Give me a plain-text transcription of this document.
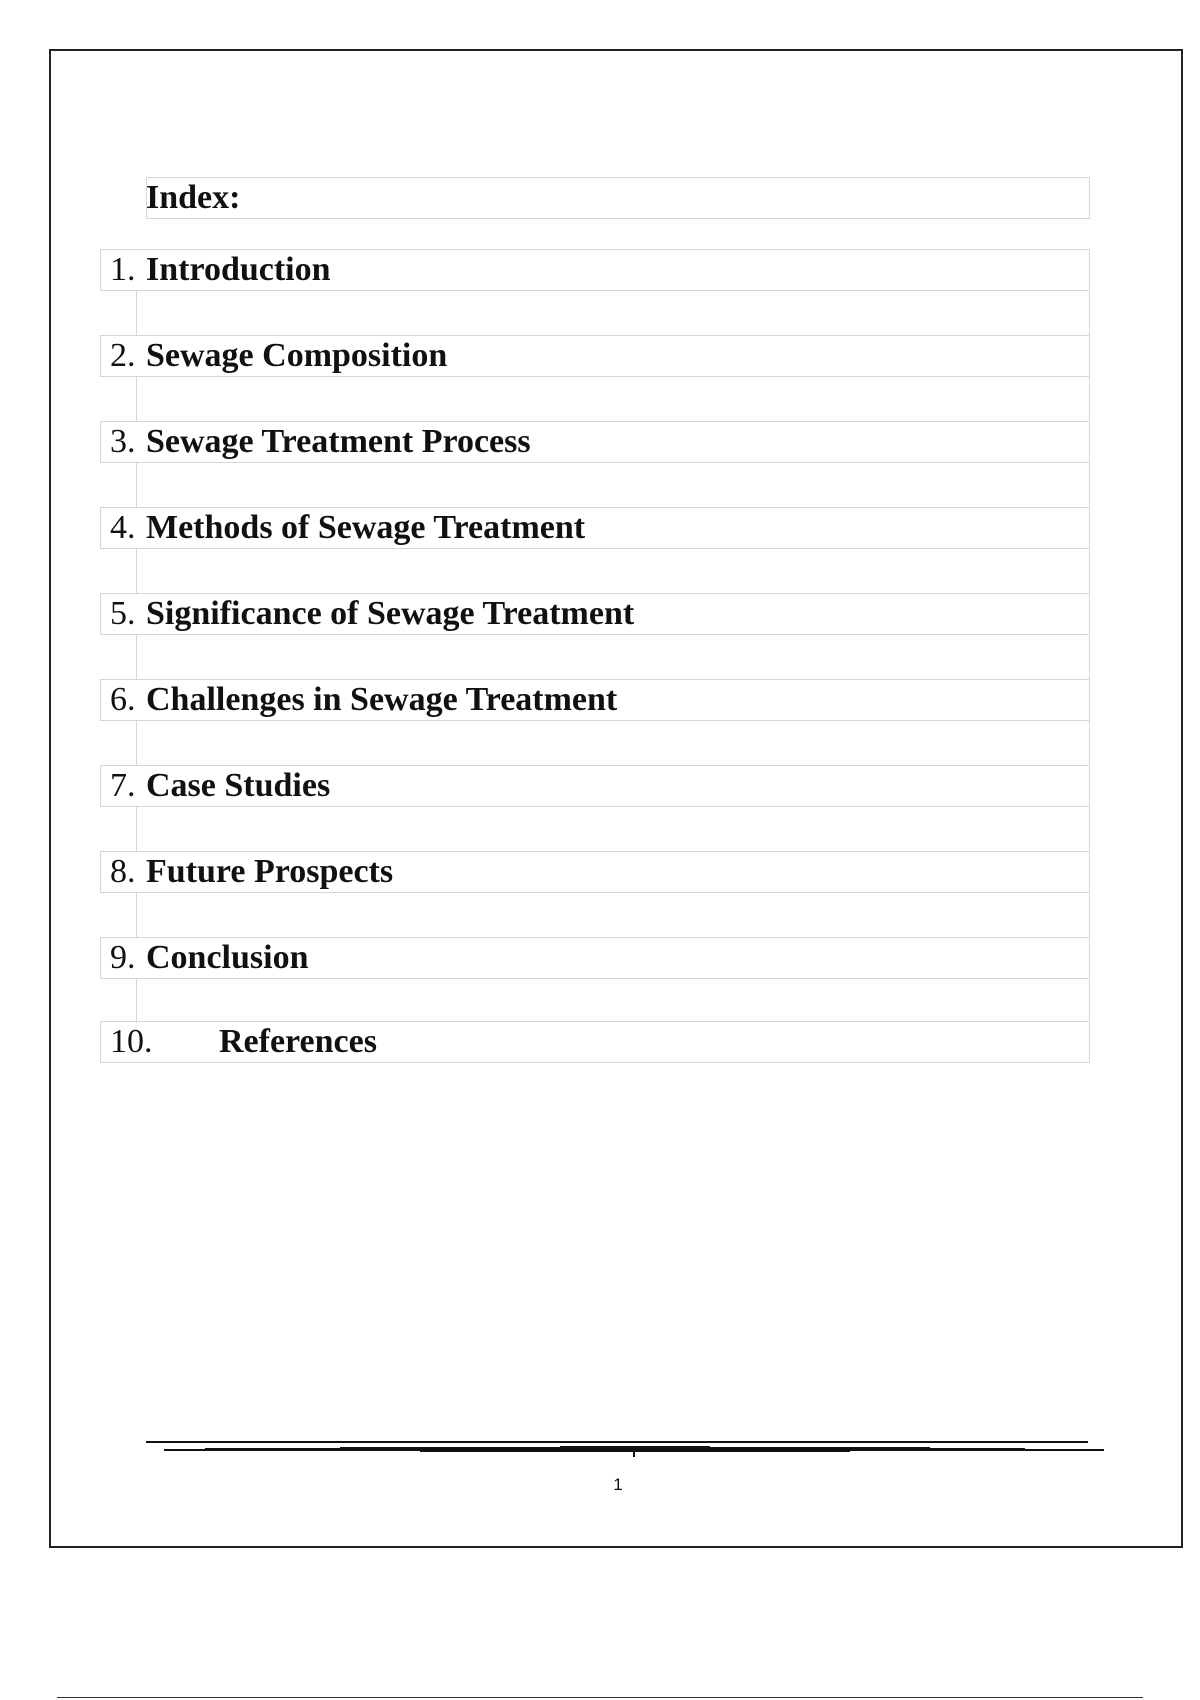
Index:
1. Introduction
2. Sewage Composition
3. Sewage Treatment Process
4. Methods of Sewage Treatment
5. Significance of Sewage Treatment
6. Challenges in Sewage Treatment
7. Case Studies
8. Future Prospects
9. Conclusion
10. References
1
